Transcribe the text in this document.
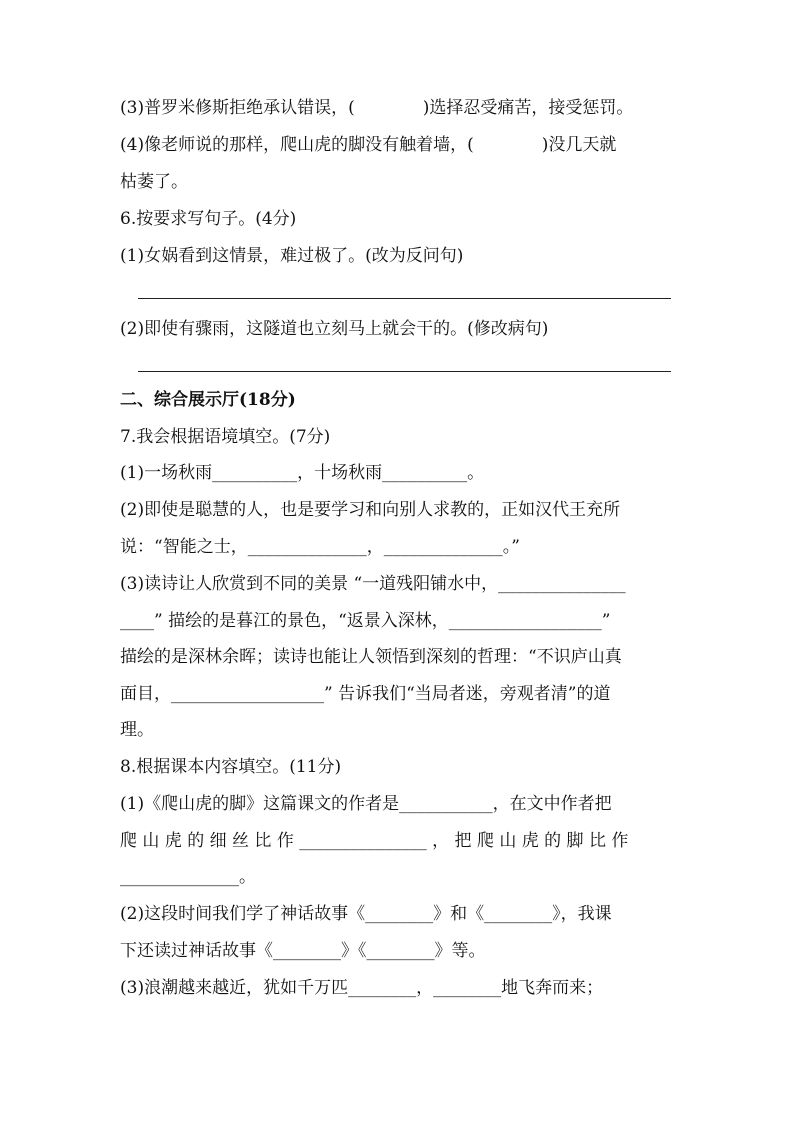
(3)普罗米修斯拒绝承认错误，(　　　　)选择忍受痛苦，接受惩罚。

(4)像老师说的那样，爬山虎的脚没有触着墙，(　　　　)没几天就

枯萎了。

6.按要求写句子。(4分)

(1)女娲看到这情景，难过极了。(改为反问句)

(2)即使有骤雨，这隧道也立刻马上就会干的。(修改病句)

二、综合展示厅(18分)

7.我会根据语境填空。(7分)

(1)一场秋雨__________，十场秋雨__________。

(2)即使是聪慧的人，也是要学习和向别人求教的，正如汉代王充所

说：“智能之士，______________，______________。”

(3)读诗让人欣赏到不同的美景 “一道残阳铺水中，_______________

____” 描绘的是暮江的景色，“返景入深林，__________________”

描绘的是深林余晖；读诗也能让人领悟到深刻的哲理：“不识庐山真

面目，__________________” 告诉我们“当局者迷，旁观者清”的道

理。

8.根据课本内容填空。(11分)

(1)《爬山虎的脚》这篇课文的作者是___________，在文中作者把

爬 山 虎 的 细 丝 比 作 _______________ ， 把 爬 山 虎 的 脚 比 作

______________。

(2)这段时间我们学了神话故事《________》和《________》，我课

下还读过神话故事《________》《________》等。

(3)浪潮越来越近，犹如千万匹________，________地飞奔而来；
